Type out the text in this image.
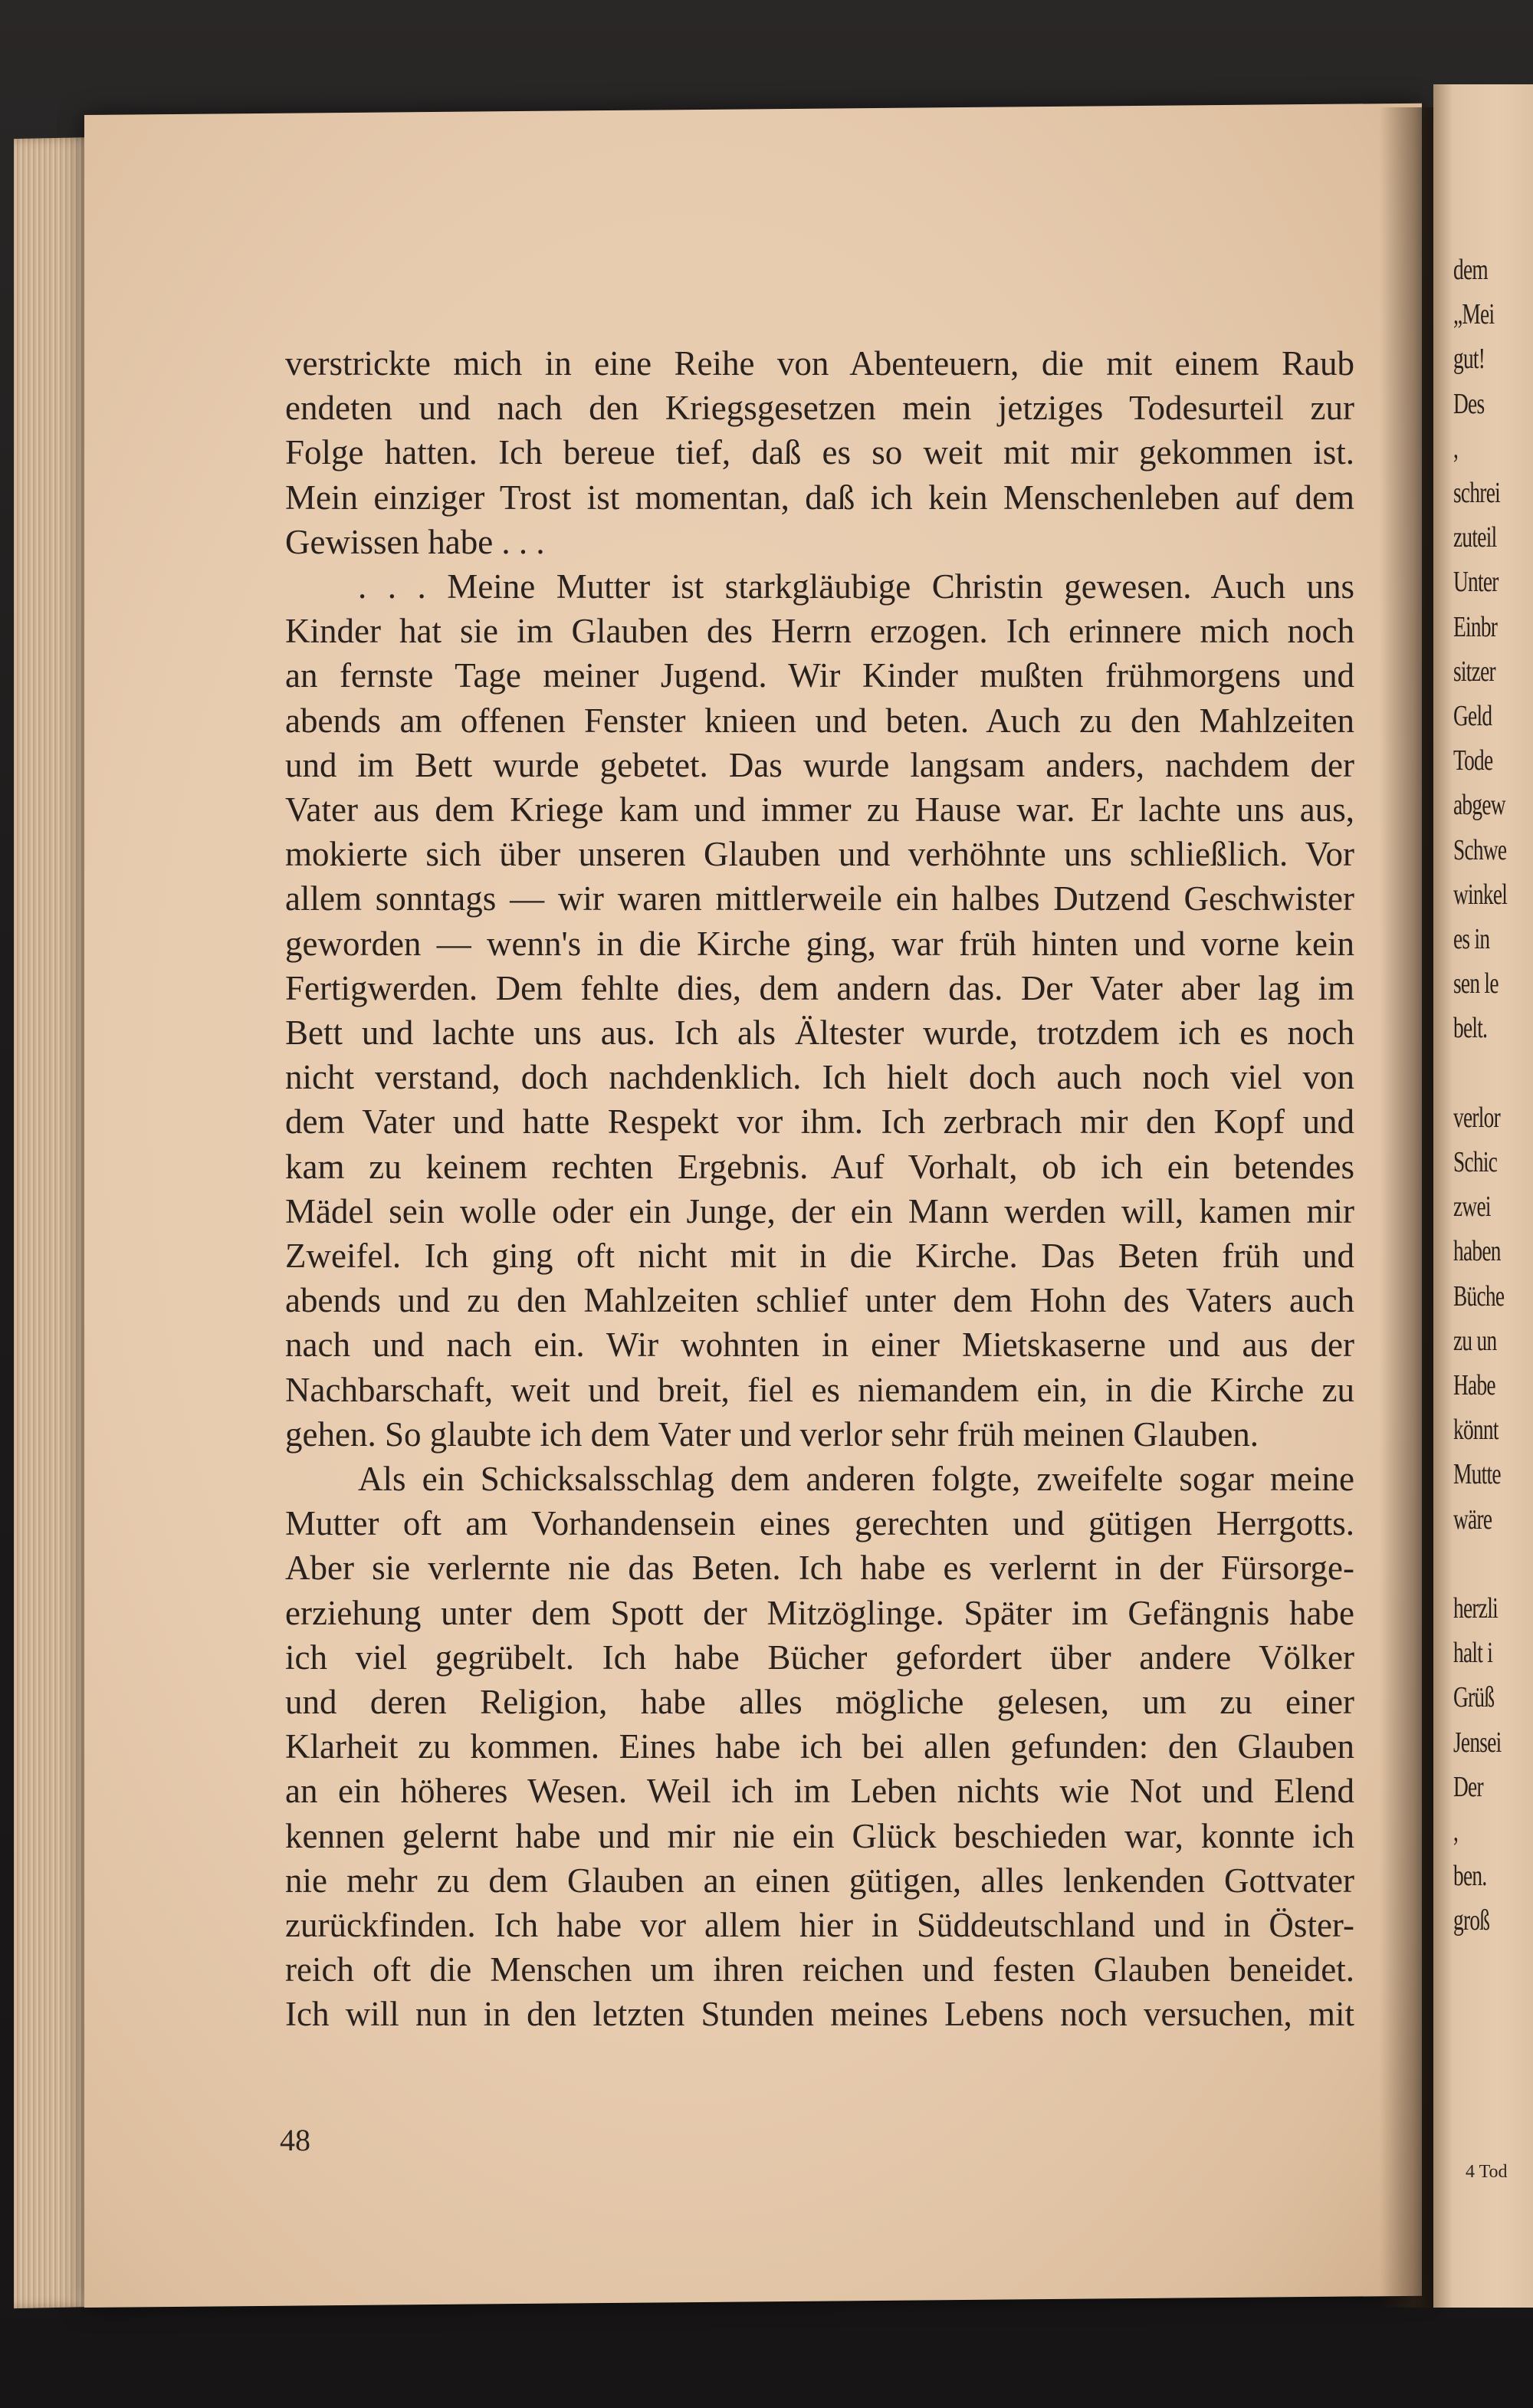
dem
„Mei
gut!
Des
,
schrei
zuteil
Unter
Einbr
sitzer
Geld
Tode
abgew
Schwe
winkel
es in
sen le
belt.
verlor
Schic
zwei
haben
Büche
zu un
Habe
könnt
Mutte
wäre
herzli
halt i
Grüß
Jensei
Der
,
ben.
groß
4 Tod
verstrickte mich in eine Reihe von Abenteuern, die mit einem Raub
endeten und nach den Kriegsgesetzen mein jetziges Todesurteil zur
Folge hatten. Ich bereue tief, daß es so weit mit mir gekommen ist.
Mein einziger Trost ist momentan, daß ich kein Menschenleben auf dem
Gewissen habe . . .
. . . Meine Mutter ist starkgläubige Christin gewesen. Auch uns
Kinder hat sie im Glauben des Herrn erzogen. Ich erinnere mich noch
an fernste Tage meiner Jugend. Wir Kinder mußten frühmorgens und
abends am offenen Fenster knieen und beten. Auch zu den Mahlzeiten
und im Bett wurde gebetet. Das wurde langsam anders, nachdem der
Vater aus dem Kriege kam und immer zu Hause war. Er lachte uns aus,
mokierte sich über unseren Glauben und verhöhnte uns schließlich. Vor
allem sonntags — wir waren mittlerweile ein halbes Dutzend Geschwister
geworden — wenn's in die Kirche ging, war früh hinten und vorne kein
Fertigwerden. Dem fehlte dies, dem andern das. Der Vater aber lag im
Bett und lachte uns aus. Ich als Ältester wurde, trotzdem ich es noch
nicht verstand, doch nachdenklich. Ich hielt doch auch noch viel von
dem Vater und hatte Respekt vor ihm. Ich zerbrach mir den Kopf und
kam zu keinem rechten Ergebnis. Auf Vorhalt, ob ich ein betendes
Mädel sein wolle oder ein Junge, der ein Mann werden will, kamen mir
Zweifel. Ich ging oft nicht mit in die Kirche. Das Beten früh und
abends und zu den Mahlzeiten schlief unter dem Hohn des Vaters auch
nach und nach ein. Wir wohnten in einer Mietskaserne und aus der
Nachbarschaft, weit und breit, fiel es niemandem ein, in die Kirche zu
gehen. So glaubte ich dem Vater und verlor sehr früh meinen Glauben.
Als ein Schicksalsschlag dem anderen folgte, zweifelte sogar meine
Mutter oft am Vorhandensein eines gerechten und gütigen Herrgotts.
Aber sie verlernte nie das Beten. Ich habe es verlernt in der Fürsorge-
erziehung unter dem Spott der Mitzöglinge. Später im Gefängnis habe
ich viel gegrübelt. Ich habe Bücher gefordert über andere Völker
und deren Religion, habe alles mögliche gelesen, um zu einer
Klarheit zu kommen. Eines habe ich bei allen gefunden: den Glauben
an ein höheres Wesen. Weil ich im Leben nichts wie Not und Elend
kennen gelernt habe und mir nie ein Glück beschieden war, konnte ich
nie mehr zu dem Glauben an einen gütigen, alles lenkenden Gottvater
zurückfinden. Ich habe vor allem hier in Süddeutschland und in Öster-
reich oft die Menschen um ihren reichen und festen Glauben beneidet.
Ich will nun in den letzten Stunden meines Lebens noch versuchen, mit
48
